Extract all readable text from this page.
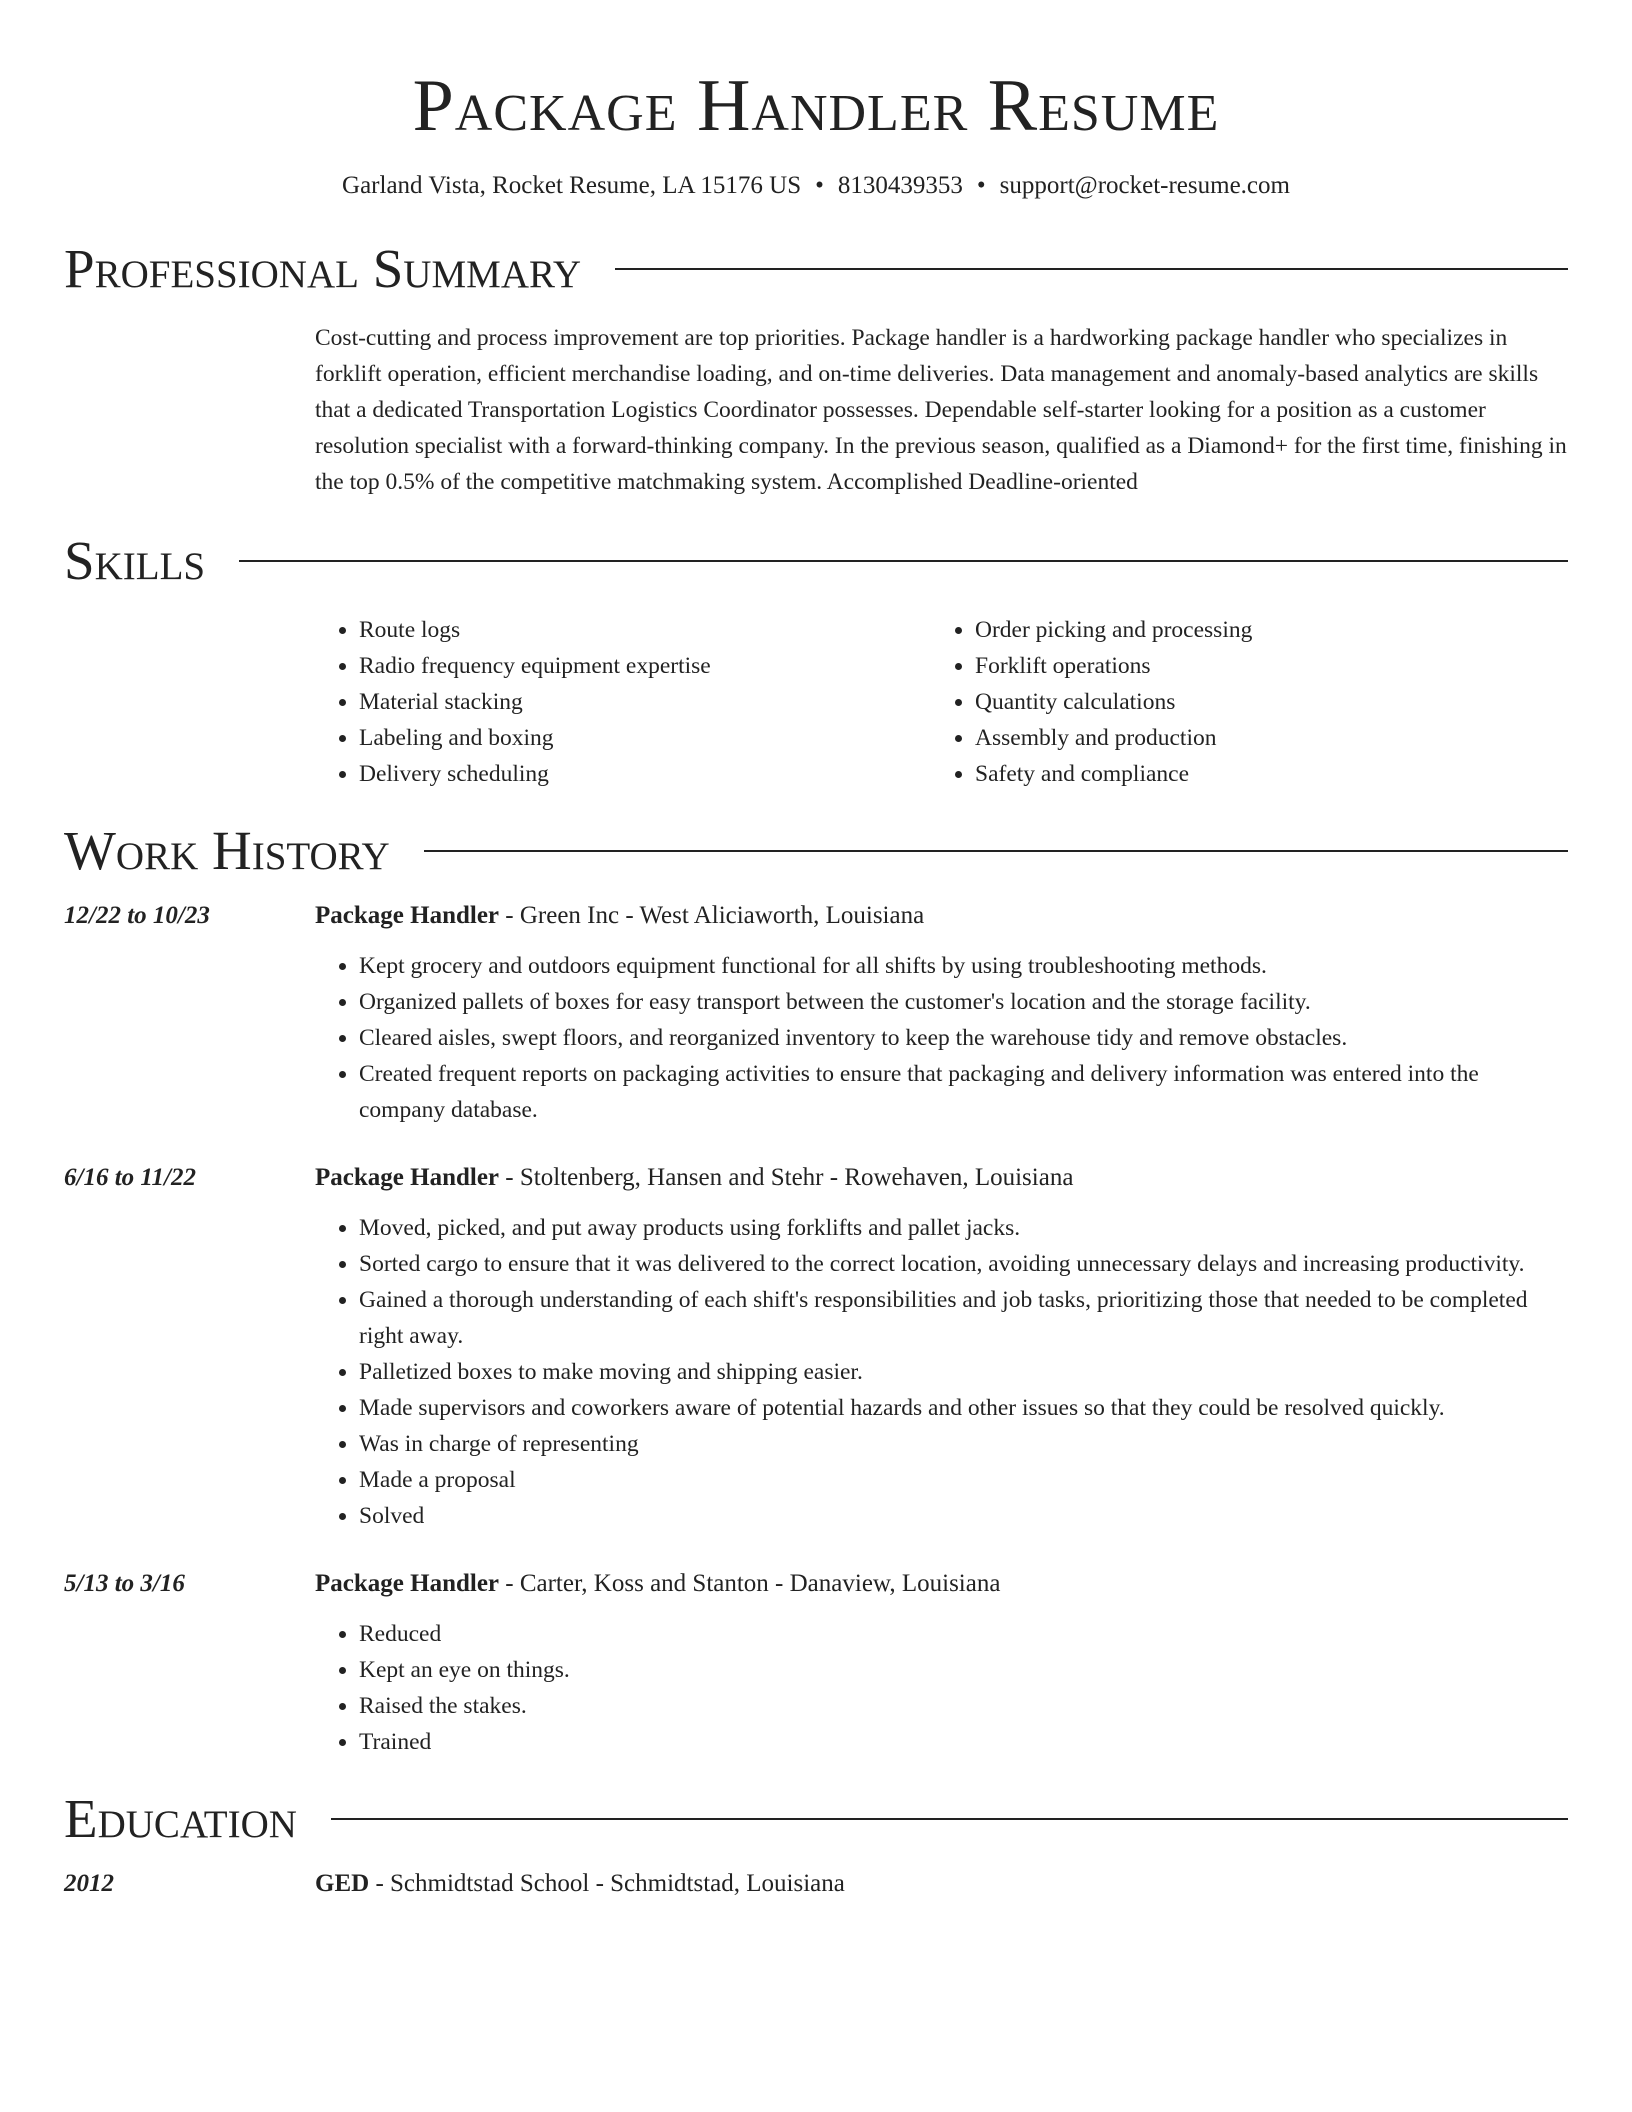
Package Handler Resume
Garland Vista, Rocket Resume, LA 15176 US • 8130439353 • support@rocket-resume.com
Professional Summary
Cost-cutting and process improvement are top priorities. Package handler is a hardworking package handler who specializes in forklift operation, efficient merchandise loading, and on-time deliveries. Data management and anomaly-based analytics are skills that a dedicated Transportation Logistics Coordinator possesses. Dependable self-starter looking for a position as a customer resolution specialist with a forward-thinking company. In the previous season, qualified as a Diamond+ for the first time, finishing in the top 0.5% of the competitive matchmaking system. Accomplished Deadline-oriented
Skills
• Route logs
• Radio frequency equipment expertise
• Material stacking
• Labeling and boxing
• Delivery scheduling
• Order picking and processing
• Forklift operations
• Quantity calculations
• Assembly and production
• Safety and compliance
Work History
12/22 to 10/23	Package Handler - Green Inc - West Aliciaworth, Louisiana
• Kept grocery and outdoors equipment functional for all shifts by using troubleshooting methods.
• Organized pallets of boxes for easy transport between the customer's location and the storage facility.
• Cleared aisles, swept floors, and reorganized inventory to keep the warehouse tidy and remove obstacles.
• Created frequent reports on packaging activities to ensure that packaging and delivery information was entered into the company database.
6/16 to 11/22	Package Handler - Stoltenberg, Hansen and Stehr - Rowehaven, Louisiana
• Moved, picked, and put away products using forklifts and pallet jacks.
• Sorted cargo to ensure that it was delivered to the correct location, avoiding unnecessary delays and increasing productivity.
• Gained a thorough understanding of each shift's responsibilities and job tasks, prioritizing those that needed to be completed right away.
• Palletized boxes to make moving and shipping easier.
• Made supervisors and coworkers aware of potential hazards and other issues so that they could be resolved quickly.
• Was in charge of representing
• Made a proposal
• Solved
5/13 to 3/16	Package Handler - Carter, Koss and Stanton - Danaview, Louisiana
• Reduced
• Kept an eye on things.
• Raised the stakes.
• Trained
Education
2012	GED - Schmidtstad School - Schmidtstad, Louisiana
